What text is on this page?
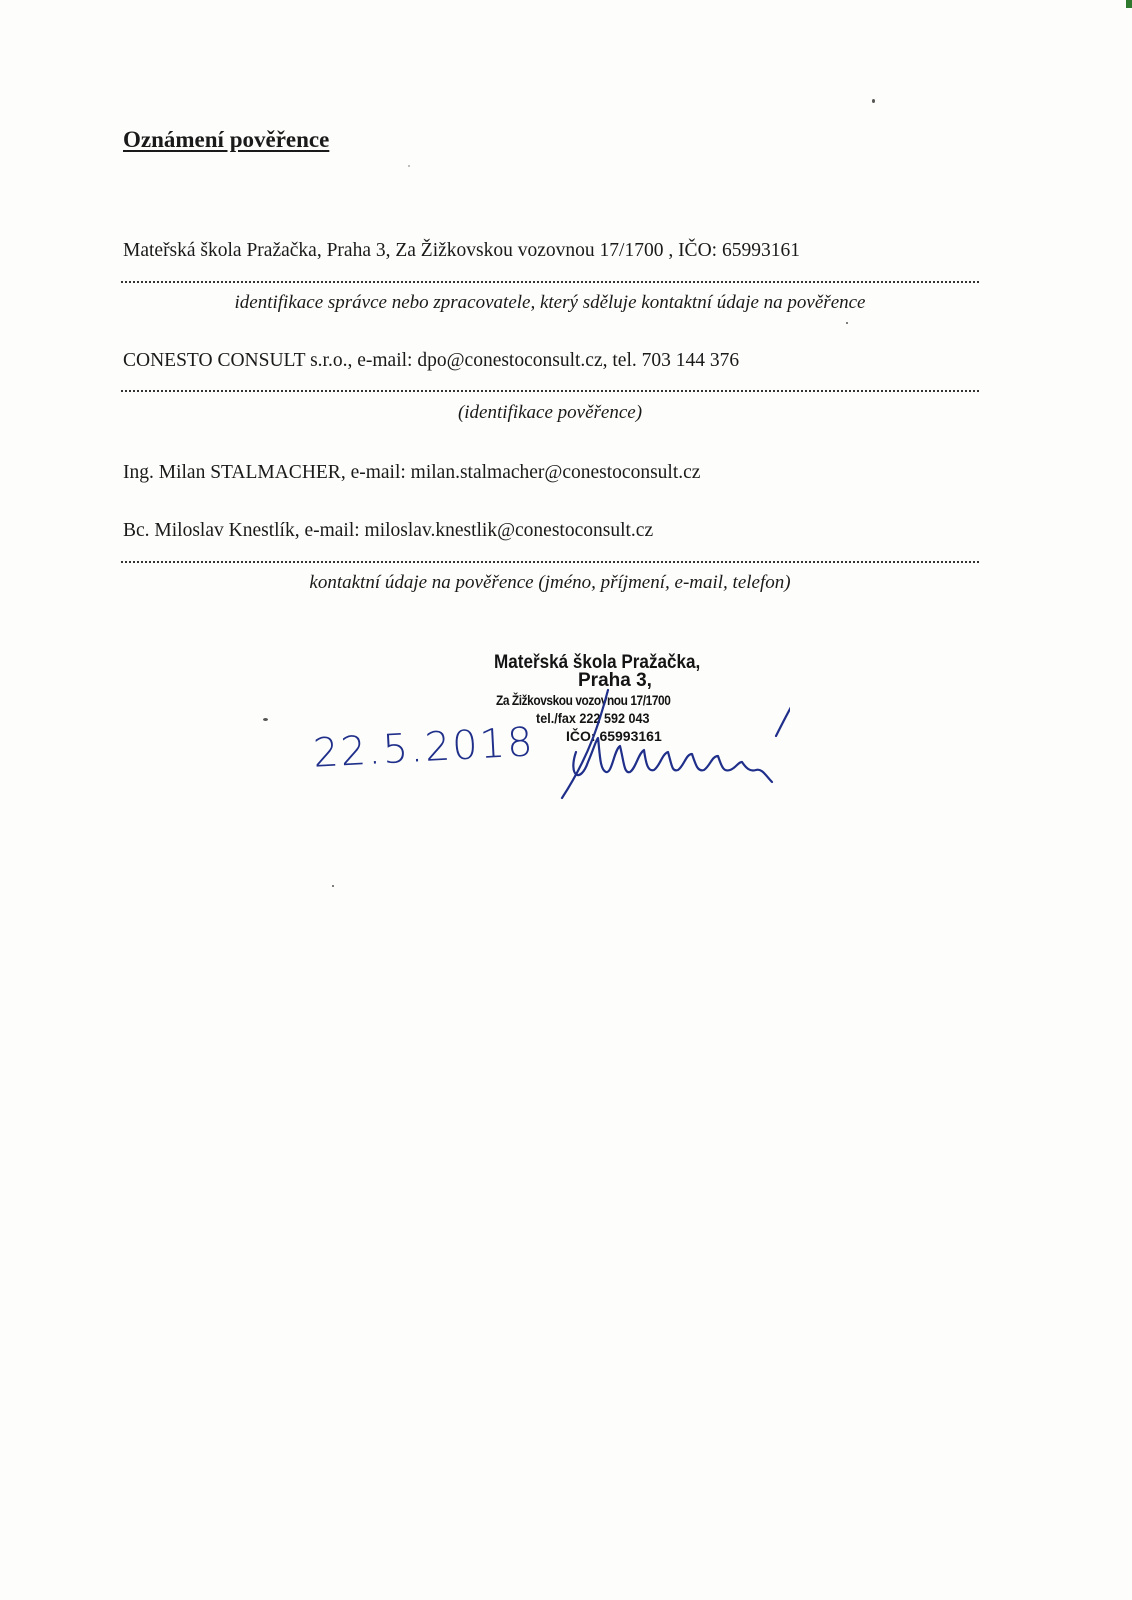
Oznámení pověřence
Mateřská škola Pražačka, Praha 3, Za Žižkovskou vozovnou 17/1700 , IČO: 65993161
identifikace správce nebo zpracovatele, který sděluje kontaktní údaje na pověřence
CONESTO CONSULT s.r.o., e-mail: dpo@conestoconsult.cz, tel. 703 144 376
(identifikace pověřence)
Ing. Milan STALMACHER, e-mail: milan.stalmacher@conestoconsult.cz
Bc. Miloslav Knestlík, e-mail: miloslav.knestlik@conestoconsult.cz
kontaktní údaje na pověřence (jméno, příjmení, e-mail, telefon)
Mateřská škola Pražačka,
Praha 3,
Za Žižkovskou vozovnou 17/1700
tel./fax 222 592 043
IČO: 65993161
22.5.2018
